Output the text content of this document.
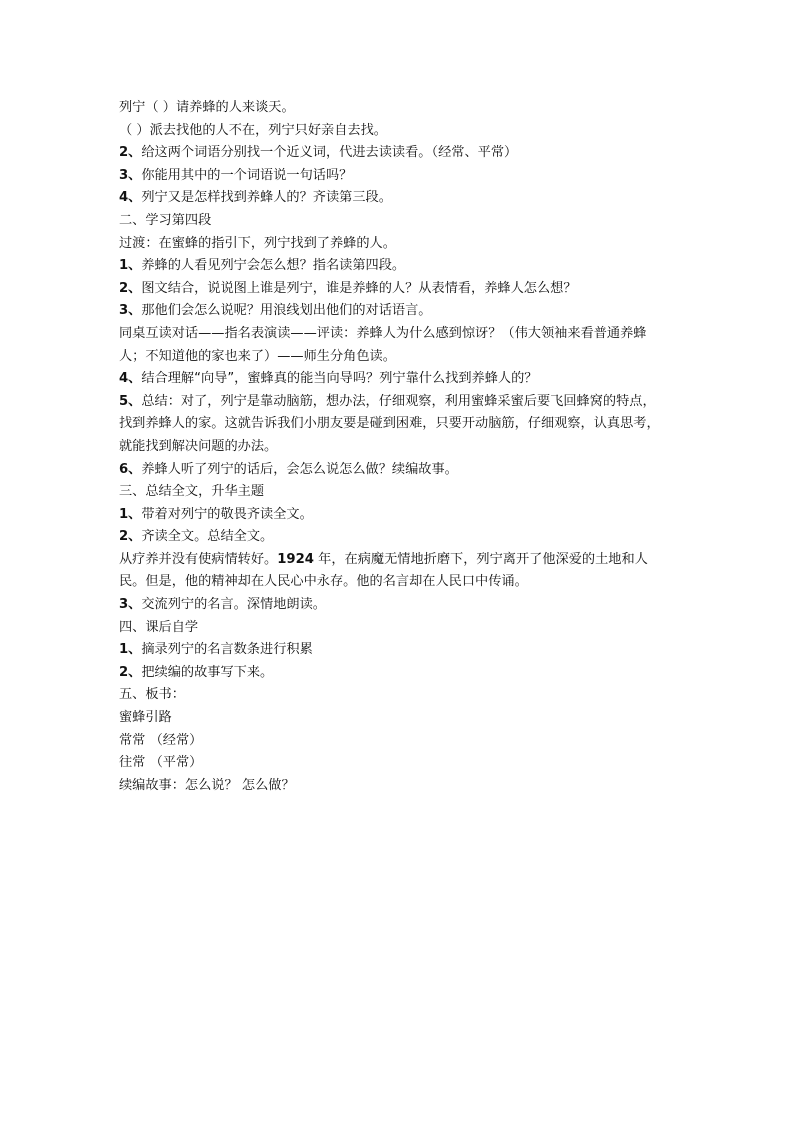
列宁（ ）请养蜂的人来谈天。
（ ）派去找他的人不在，列宁只好亲自去找。
2、给这两个词语分别找一个近义词，代进去读读看。（经常、平常）
3、你能用其中的一个词语说一句话吗？
4、列宁又是怎样找到养蜂人的？齐读第三段。
二、学习第四段
过渡：在蜜蜂的指引下，列宁找到了养蜂的人。
1、养蜂的人看见列宁会怎么想？指名读第四段。
2、图文结合，说说图上谁是列宁，谁是养蜂的人？从表情看，养蜂人怎么想？
3、那他们会怎么说呢？用浪线划出他们的对话语言。
同桌互读对话——指名表演读——评读：养蜂人为什么感到惊讶？（伟大领袖来看普通养蜂
人；不知道他的家也来了）——师生分角色读。
4、结合理解“向导”，蜜蜂真的能当向导吗？列宁靠什么找到养蜂人的？
5、总结：对了，列宁是靠动脑筋，想办法，仔细观察，利用蜜蜂采蜜后要飞回蜂窝的特点，
找到养蜂人的家。这就告诉我们小朋友要是碰到困难，只要开动脑筋，仔细观察，认真思考，
就能找到解决问题的办法。
6、养蜂人听了列宁的话后，会怎么说怎么做？续编故事。
三、总结全文，升华主题
1、带着对列宁的敬畏齐读全文。
2、齐读全文。总结全文。
从疗养并没有使病情转好。1924 年，在病魔无情地折磨下，列宁离开了他深爱的土地和人
民。但是，他的精神却在人民心中永存。他的名言却在人民口中传诵。
3、交流列宁的名言。深情地朗读。
四、课后自学
1、摘录列宁的名言数条进行积累
2、把续编的故事写下来。
五、板书：
蜜蜂引路
常常 （经常）
往常 （平常）
续编故事：怎么说？ 怎么做？
